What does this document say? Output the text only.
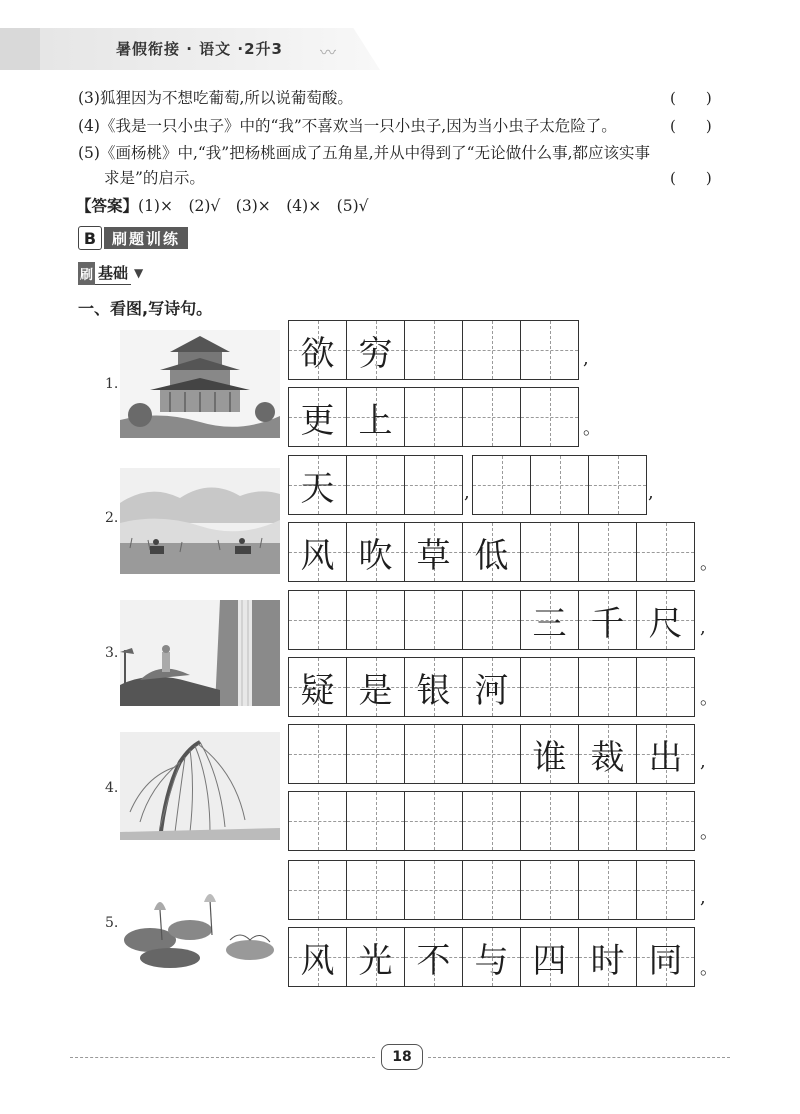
暑假衔接 · 语文 ·2升3 〰
(3)狐狸因为不想吃葡萄,所以说葡萄酸。	(　　)
(4)《我是一只小虫子》中的“我”不喜欢当一只小虫子,因为当小虫子太危险了。	(　　)
(5)《画杨桃》中,“我”把杨桃画成了五角星,并从中得到了“无论做什么事,都应该实事
求是”的启示。	(　　)
【答案】(1)×　(2)√　(3)×　(4)×　(5)√
B	刷题训练
刷 基础 ▼
一、看图,写诗句。
1.
欲 穷	,
更 上	。
2.
天	,	,
风 吹 草 低	。
3.
三 千 尺 ,
疑 是 银 河	。
4.
谁 裁 出 ,
。
5.
,
风 光 不 与 四 时 同 。
18
